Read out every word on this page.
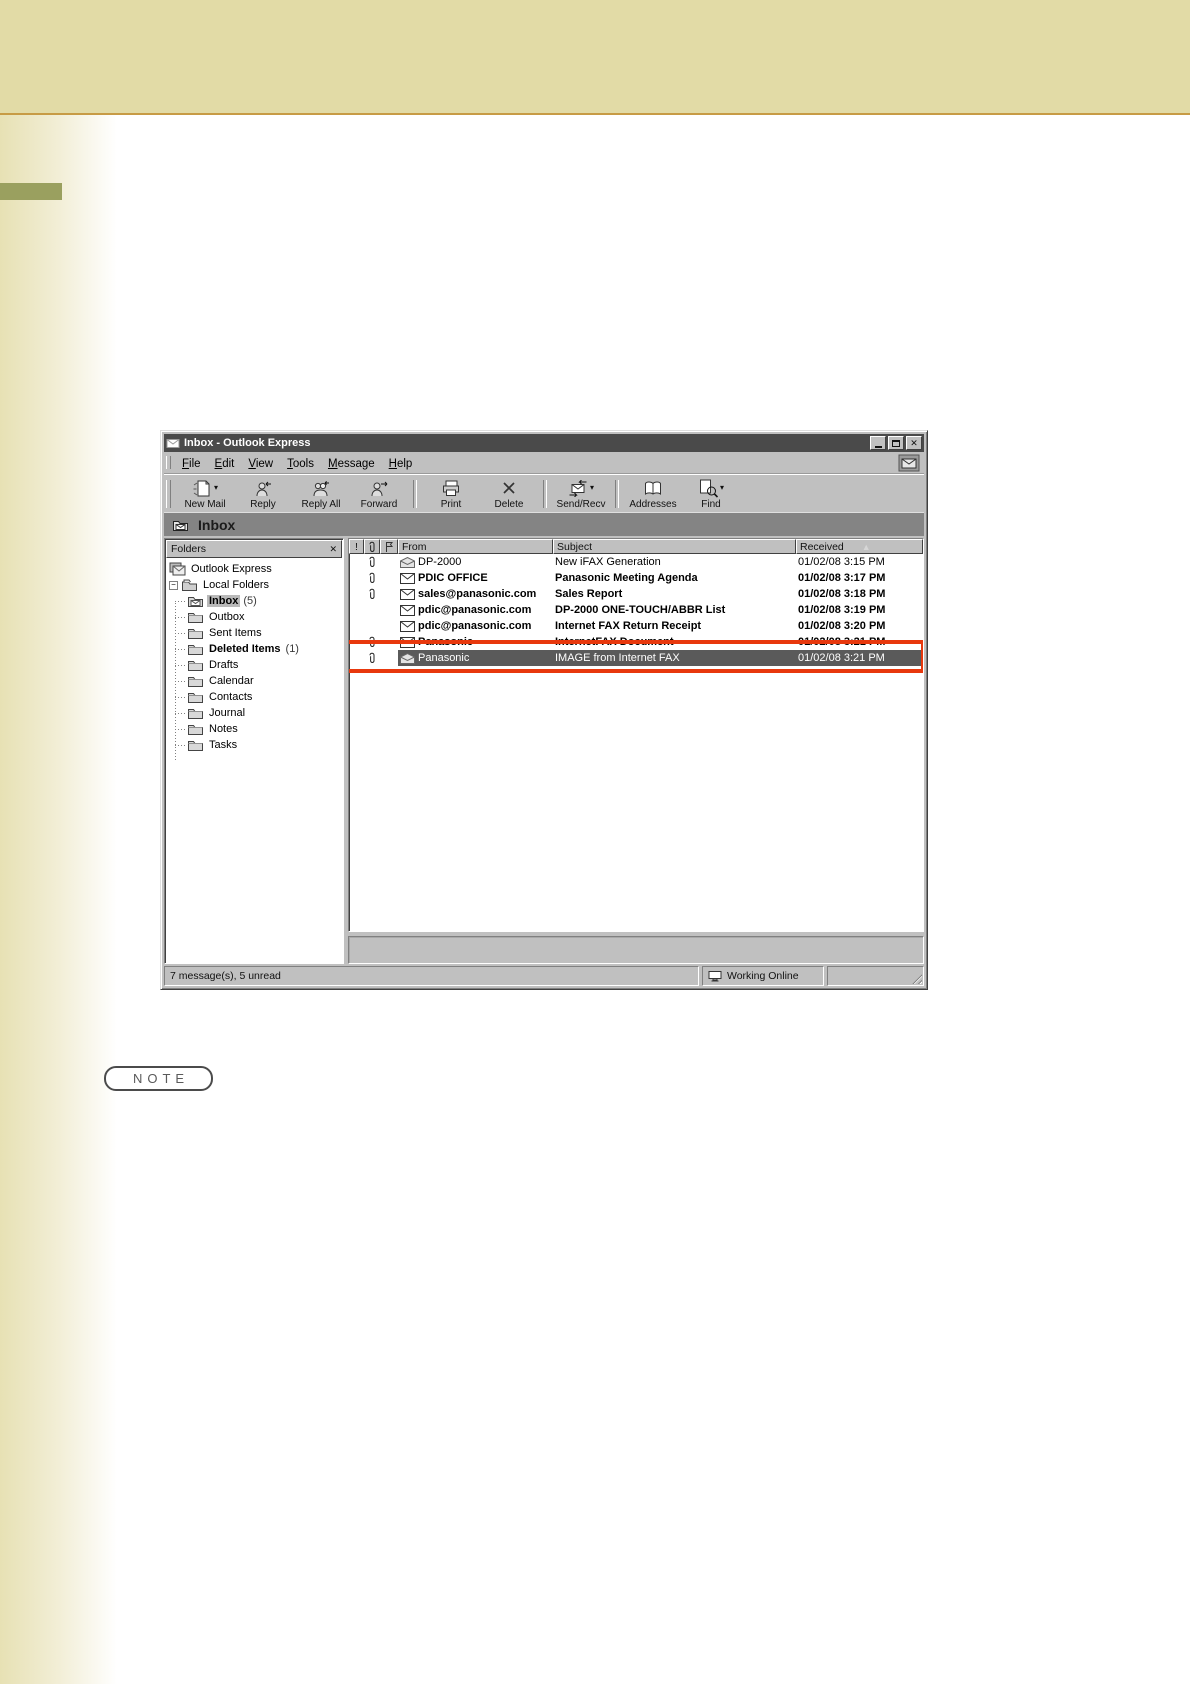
NOTE
Inbox - Outlook Express	✕
File Edit View Tools Message Help
▾
New Mail Reply	Reply All Forward	Print	Delete
▾
Send/Recv Addresses
▾
Find
Inbox
Folders	✕
Outlook Express
− Local Folders
Inbox (5)
Outbox
Sent Items
Deleted Items (1)
Drafts
Calendar
Contacts
Journal
Notes
Tasks
!	From	Subject	Received ▲
DP-2000	New iFAX Generation	01/02/08 3:15 PM
PDIC OFFICE	Panasonic Meeting Agenda	01/02/08 3:17 PM
sales@panasonic.com Sales Report	01/02/08 3:18 PM
pdic@panasonic.com DP-2000 ONE-TOUCH/ABBR List	01/02/08 3:19 PM
pdic@panasonic.com Internet FAX Return Receipt	01/02/08 3:20 PM
Panasonic	InternetFAX Document	01/02/08 3:21 PM
Panasonic	IMAGE from Internet FAX	01/02/08 3:21 PM
7 message(s), 5 unread	Working Online
